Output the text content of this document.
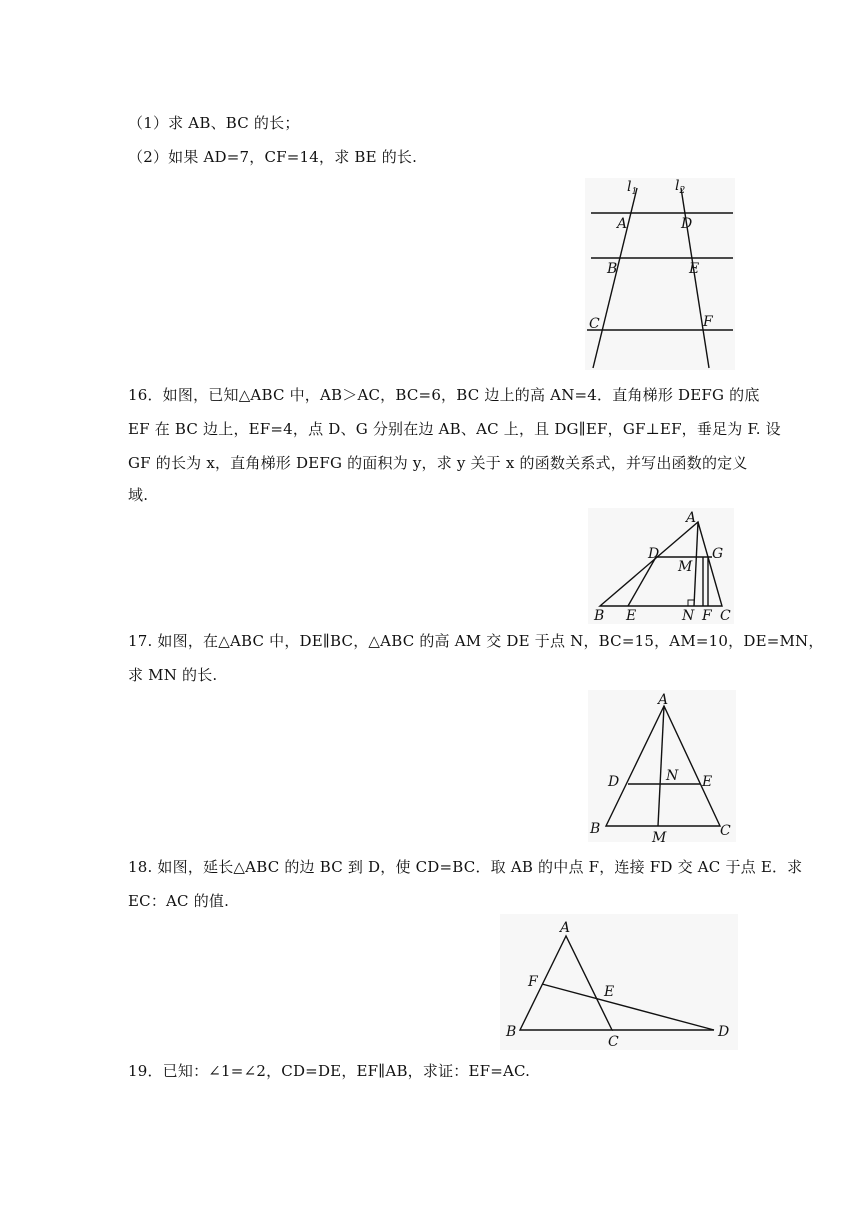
（1）求 AB、BC 的长；
（2）如果 AD=7，CF=14，求 BE 的长.
$l_1$	$l_2$
A	D
B	E
C	F
16．如图，已知△ABC 中，AB＞AC，BC=6，BC 边上的高 AN=4．直角梯形 DEFG 的底
EF 在 BC 边上，EF=4，点 D、G 分别在边 AB、AC 上，且 DG∥EF，GF⊥EF，垂足为 F. 设
GF 的长为 x，直角梯形 DEFG 的面积为 y，求 y 关于 x 的函数关系式，并写出函数的定义
域.
A
D	G
M
B E	N F C
17. 如图，在△ABC 中，DE∥BC，△ABC 的高 AM 交 DE 于点 N，BC=15，AM=10，DE=MN，
求 MN 的长.
A
D	N E
B
M	C
18. 如图，延长△ABC 的边 BC 到 D，使 CD=BC．取 AB 的中点 F，连接 FD 交 AC 于点 E．求
EC：AC 的值.
A
F
E
B
C
D
19．已知：∠1=∠2，CD=DE，EF∥AB，求证：EF=AC.
